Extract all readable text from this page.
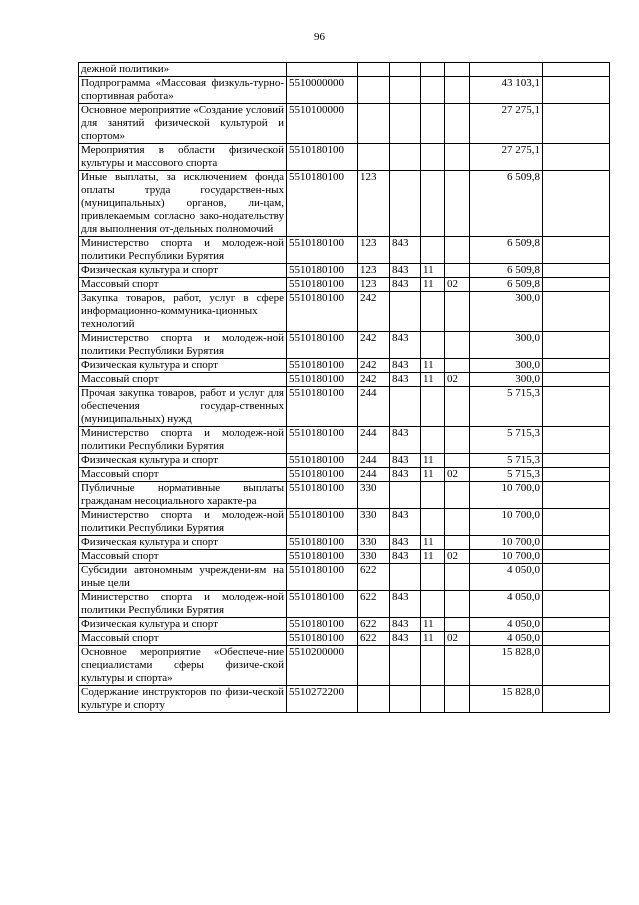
96
дежной политики»							
Подпрограмма «Массовая физкуль-турно-спортивная работа»	5510000000					43 103,1	
Основное мероприятие «Создание условий для занятий физической культурой и спортом»	5510100000					27 275,1	
Мероприятия в области физической культуры и массового спорта	5510180100					27 275,1	
Иные выплаты, за исключением фонда оплаты труда государствен-ных (муниципальных) органов, ли-цам, привлекаемым согласно зако-нодательству для выполнения от-дельных полномочий	5510180100	123				6 509,8	
Министерство спорта и молодеж-ной политики Республики Бурятия	5510180100	123	843			6 509,8	
Физическая культура и спорт	5510180100	123	843	11		6 509,8	
Массовый спорт	5510180100	123	843	11	02	6 509,8	
Закупка товаров, работ, услуг в сфере информационно-коммуника-ционных технологий	5510180100	242				300,0	
Министерство спорта и молодеж-ной политики Республики Бурятия	5510180100	242	843			300,0	
Физическая культура и спорт	5510180100	242	843	11		300,0	
Массовый спорт	5510180100	242	843	11	02	300,0	
Прочая закупка товаров, работ и услуг для обеспечения государ-ственных (муниципальных) нужд	5510180100	244				5 715,3	
Министерство спорта и молодеж-ной политики Республики Бурятия	5510180100	244	843			5 715,3	
Физическая культура и спорт	5510180100	244	843	11		5 715,3	
Массовый спорт	5510180100	244	843	11	02	5 715,3	
Публичные нормативные выплаты гражданам несоциального характе-ра	5510180100	330				10 700,0	
Министерство спорта и молодеж-ной политики Республики Бурятия	5510180100	330	843			10 700,0	
Физическая культура и спорт	5510180100	330	843	11		10 700,0	
Массовый спорт	5510180100	330	843	11	02	10 700,0	
Субсидии автономным учреждени-ям на иные цели	5510180100	622				4 050,0	
Министерство спорта и молодеж-ной политики Республики Бурятия	5510180100	622	843			4 050,0	
Физическая культура и спорт	5510180100	622	843	11		4 050,0	
Массовый спорт	5510180100	622	843	11	02	4 050,0	
Основное мероприятие «Обеспече-ние специалистами сферы физиче-ской культуры и спорта»	5510200000					15 828,0	
Содержание инструкторов по физи-ческой культуре и спорту	5510272200					15 828,0	
